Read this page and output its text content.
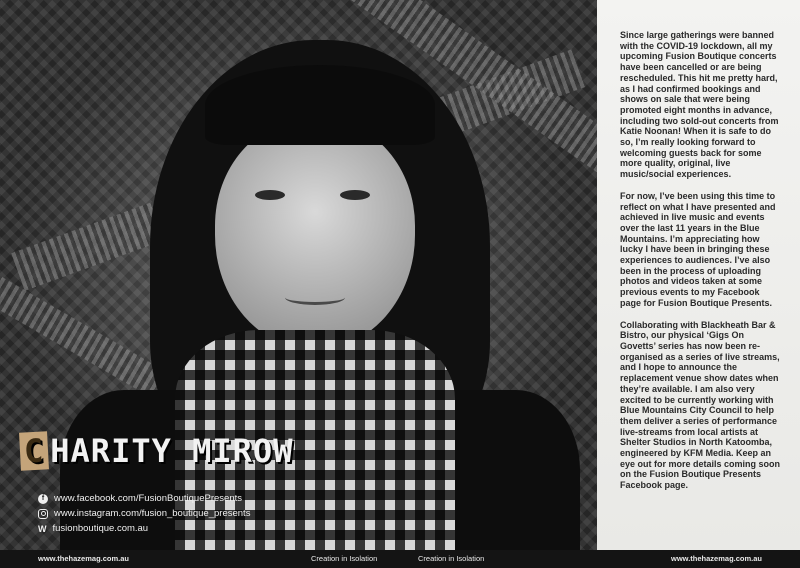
C HARITY MIROW
f	www.facebook.com/FusionBoutiquePresents
www.instagram.com/fusion_boutique_presents
W fusionboutique.com.au

Since large gatherings were banned with the COVID-19 lockdown, all my upcoming Fusion Boutique concerts have been cancelled or are being rescheduled. This hit me pretty hard, as I had confirmed bookings and shows on sale that were being promoted eight months in advance, including two sold-out concerts from Katie Noonan! When it is safe to do so, I’m really looking forward to welcoming guests back for some more quality, original, live music/social experiences.

For now, I’ve been using this time to reflect on what I have presented and achieved in live music and events over the last 11 years in the Blue Mountains. I’m appreciating how lucky I have been in bringing these experiences to audiences. I’ve also been in the process of uploading photos and videos taken at some previous events to my Facebook page for Fusion Boutique Presents.

Collaborating with Blackheath Bar & Bistro, our physical ‘Gigs On Govetts’ series has now been re-organised as a series of live streams, and I hope to announce the replacement venue show dates when they’re available. I am also very excited to be currently working with Blue Mountains City Council to help them deliver a series of performance live-streams from local artists at Shelter Studios in North Katoomba, engineered by KFM Media. Keep an eye out for more details coming soon on the Fusion Boutique Presents Facebook page.

www.thehazemag.com.au	Creation in Isolation	Creation in Isolation	www.thehazemag.com.au
